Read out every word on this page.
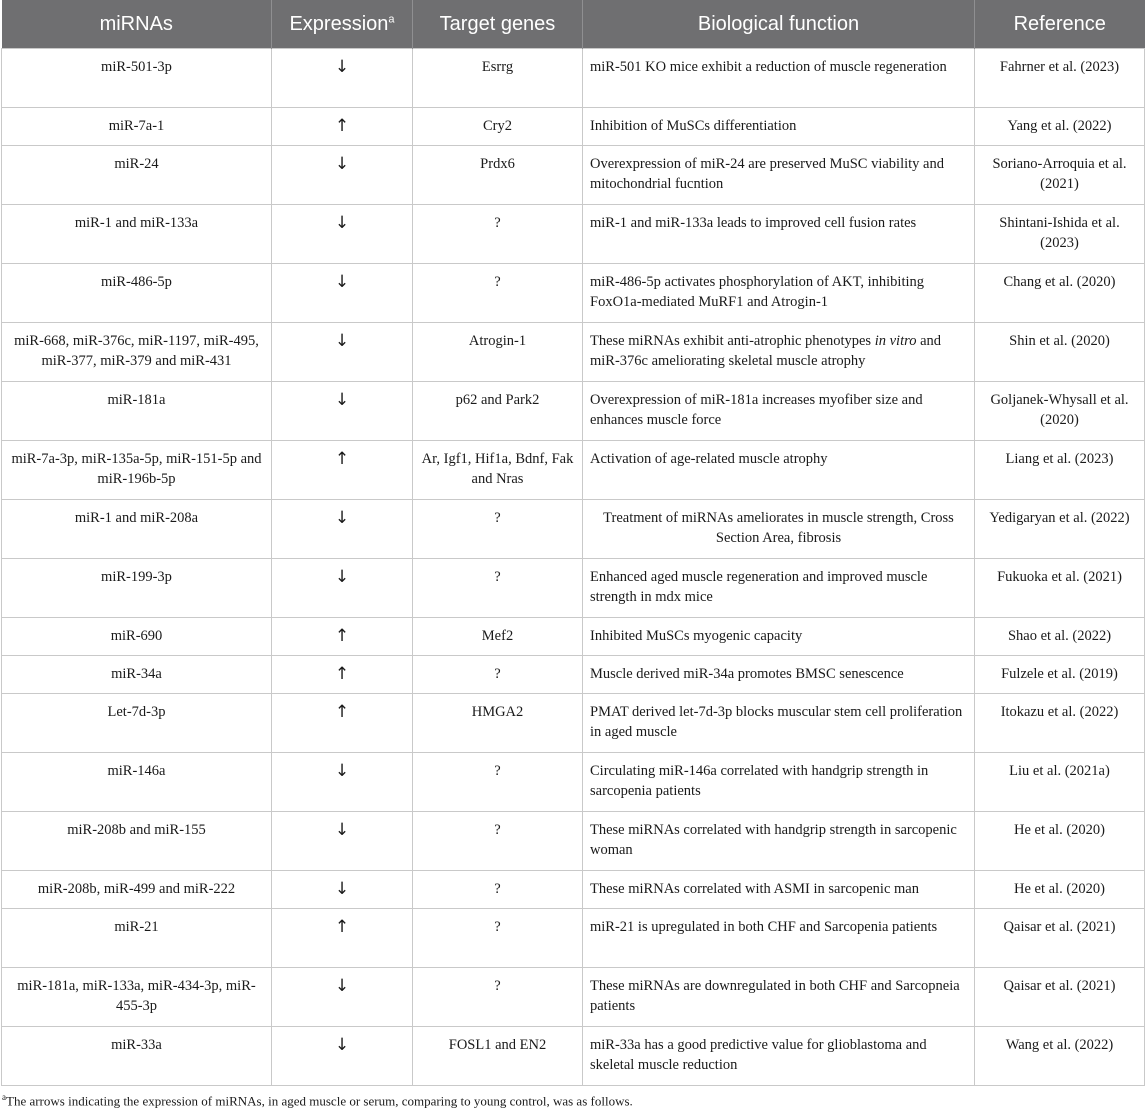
miRNAs	Expression$^a$	Target genes	Biological function	Reference
miR-501-3p	↓	Esrrg	miR-501 KO mice exhibit a reduction of muscle regeneration	Fahrner et al. (2023)
miR-7a-1	↑	Cry2	Inhibition of MuSCs differentiation	Yang et al. (2022)
miR-24	↓	Prdx6	Overexpression of miR-24 are preserved MuSC viability and mitochondrial fucntion	Soriano-Arroquia et al. (2021)
miR-1 and miR-133a	↓	?	miR-1 and miR-133a leads to improved cell fusion rates	Shintani-Ishida et al. (2023)
miR-486-5p	↓	?	miR-486-5p activates phosphorylation of AKT, inhibiting FoxO1a-mediated MuRF1 and Atrogin-1	Chang et al. (2020)
miR-668, miR-376c, miR-1197, miR-495, miR-377, miR-379 and miR-431	↓	Atrogin-1	These miRNAs exhibit anti-atrophic phenotypes in vitro and miR-376c ameliorating skeletal muscle atrophy	Shin et al. (2020)
miR-181a	↓	p62 and Park2	Overexpression of miR-181a increases myofiber size and enhances muscle force	Goljanek-Whysall et al. (2020)
miR-7a-3p, miR-135a-5p, miR-151-5p and miR-196b-5p	↑	Ar, Igf1, Hif1a, Bdnf, Fak and Nras	Activation of age-related muscle atrophy	Liang et al. (2023)
miR-1 and miR-208a	↓	?	Treatment of miRNAs ameliorates in muscle strength, Cross Section Area, fibrosis	Yedigaryan et al. (2022)
miR-199-3p	↓	?	Enhanced aged muscle regeneration and improved muscle strength in mdx mice	Fukuoka et al. (2021)
miR-690	↑	Mef2	Inhibited MuSCs myogenic capacity	Shao et al. (2022)
miR-34a	↑	?	Muscle derived miR-34a promotes BMSC senescence	Fulzele et al. (2019)
Let-7d-3p	↑	HMGA2	PMAT derived let-7d-3p blocks muscular stem cell proliferation in aged muscle	Itokazu et al. (2022)
miR-146a	↓	?	Circulating miR-146a correlated with handgrip strength in sarcopenia patients	Liu et al. (2021a)
miR-208b and miR-155	↓	?	These miRNAs correlated with handgrip strength in sarcopenic woman	He et al. (2020)
miR-208b, miR-499 and miR-222	↓	?	These miRNAs correlated with ASMI in sarcopenic man	He et al. (2020)
miR-21	↑	?	miR-21 is upregulated in both CHF and Sarcopenia patients	Qaisar et al. (2021)
miR-181a, miR-133a, miR-434-3p, miR-455-3p	↓	?	These miRNAs are downregulated in both CHF and Sarcopneia patients	Qaisar et al. (2021)
miR-33a	↓	FOSL1 and EN2	miR-33a has a good predictive value for glioblastoma and skeletal muscle reduction	Wang et al. (2022)

$^a$The arrows indicating the expression of miRNAs, in aged muscle or serum, comparing to young control, was as follows.
